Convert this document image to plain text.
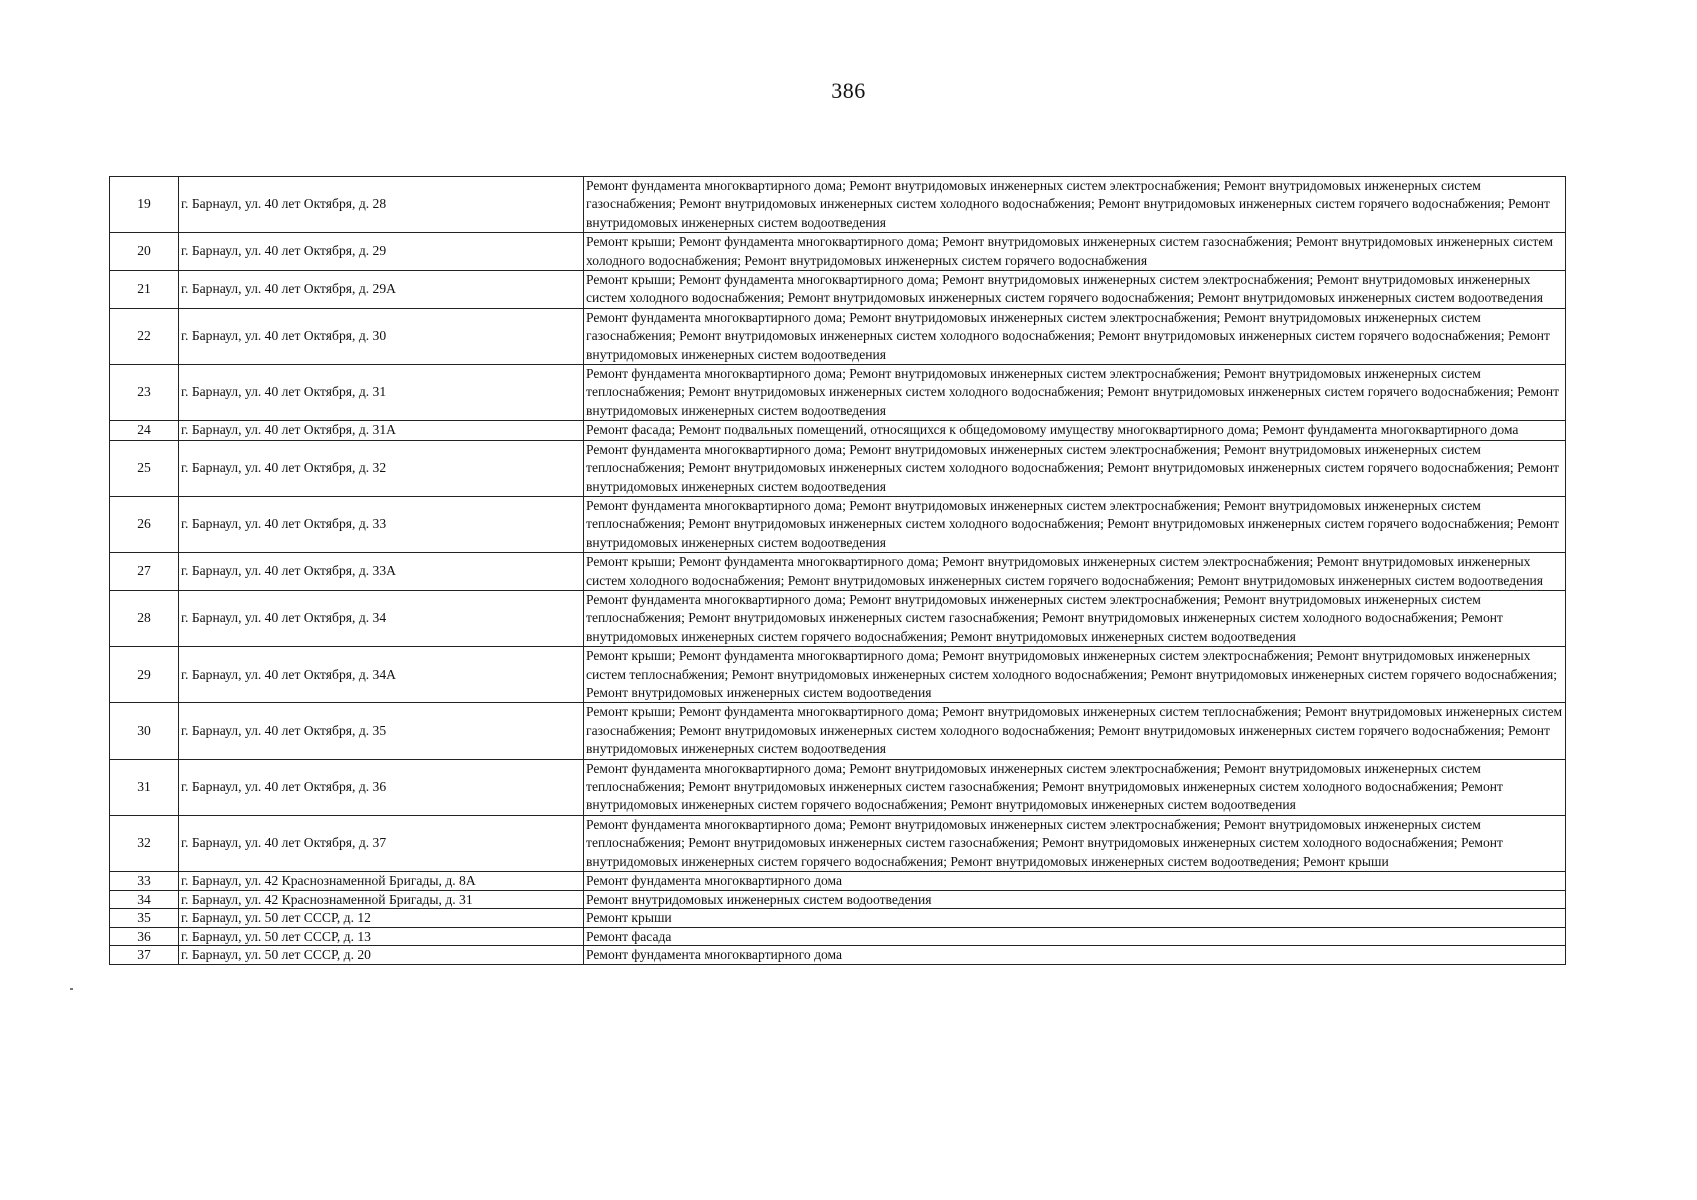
386
19	г. Барнаул, ул. 40 лет Октября, д. 28	Ремонт фундамента многоквартирного дома; Ремонт внутридомовых инженерных систем электроснабжения; Ремонт внутридомовых инженерных систем газоснабжения; Ремонт внутридомовых инженерных систем холодного водоснабжения; Ремонт внутридомовых инженерных систем горячего водоснабжения; Ремонт внутридомовых инженерных систем водоотведения
20	г. Барнаул, ул. 40 лет Октября, д. 29	Ремонт крыши; Ремонт фундамента многоквартирного дома; Ремонт внутридомовых инженерных систем газоснабжения; Ремонт внутридомовых инженерных систем холодного водоснабжения; Ремонт внутридомовых инженерных систем горячего водоснабжения
21	г. Барнаул, ул. 40 лет Октября, д. 29А	Ремонт крыши; Ремонт фундамента многоквартирного дома; Ремонт внутридомовых инженерных систем электроснабжения; Ремонт внутридомовых инженерных систем холодного водоснабжения; Ремонт внутридомовых инженерных систем горячего водоснабжения; Ремонт внутридомовых инженерных систем водоотведения
22	г. Барнаул, ул. 40 лет Октября, д. 30	Ремонт фундамента многоквартирного дома; Ремонт внутридомовых инженерных систем электроснабжения; Ремонт внутридомовых инженерных систем газоснабжения; Ремонт внутридомовых инженерных систем холодного водоснабжения; Ремонт внутридомовых инженерных систем горячего водоснабжения; Ремонт внутридомовых инженерных систем водоотведения
23	г. Барнаул, ул. 40 лет Октября, д. 31	Ремонт фундамента многоквартирного дома; Ремонт внутридомовых инженерных систем электроснабжения; Ремонт внутридомовых инженерных систем теплоснабжения; Ремонт внутридомовых инженерных систем холодного водоснабжения; Ремонт внутридомовых инженерных систем горячего водоснабжения; Ремонт внутридомовых инженерных систем водоотведения
24	г. Барнаул, ул. 40 лет Октября, д. 31А	Ремонт фасада; Ремонт подвальных помещений, относящихся к общедомовому имуществу многоквартирного дома; Ремонт фундамента многоквартирного дома
25	г. Барнаул, ул. 40 лет Октября, д. 32	Ремонт фундамента многоквартирного дома; Ремонт внутридомовых инженерных систем электроснабжения; Ремонт внутридомовых инженерных систем теплоснабжения; Ремонт внутридомовых инженерных систем холодного водоснабжения; Ремонт внутридомовых инженерных систем горячего водоснабжения; Ремонт внутридомовых инженерных систем водоотведения
26	г. Барнаул, ул. 40 лет Октября, д. 33	Ремонт фундамента многоквартирного дома; Ремонт внутридомовых инженерных систем электроснабжения; Ремонт внутридомовых инженерных систем теплоснабжения; Ремонт внутридомовых инженерных систем холодного водоснабжения; Ремонт внутридомовых инженерных систем горячего водоснабжения; Ремонт внутридомовых инженерных систем водоотведения
27	г. Барнаул, ул. 40 лет Октября, д. 33А	Ремонт крыши; Ремонт фундамента многоквартирного дома; Ремонт внутридомовых инженерных систем электроснабжения; Ремонт внутридомовых инженерных систем холодного водоснабжения; Ремонт внутридомовых инженерных систем горячего водоснабжения; Ремонт внутридомовых инженерных систем водоотведения
28	г. Барнаул, ул. 40 лет Октября, д. 34	Ремонт фундамента многоквартирного дома; Ремонт внутридомовых инженерных систем электроснабжения; Ремонт внутридомовых инженерных систем теплоснабжения; Ремонт внутридомовых инженерных систем газоснабжения; Ремонт внутридомовых инженерных систем холодного водоснабжения; Ремонт внутридомовых инженерных систем горячего водоснабжения; Ремонт внутридомовых инженерных систем водоотведения
29	г. Барнаул, ул. 40 лет Октября, д. 34А	Ремонт крыши; Ремонт фундамента многоквартирного дома; Ремонт внутридомовых инженерных систем электроснабжения; Ремонт внутридомовых инженерных систем теплоснабжения; Ремонт внутридомовых инженерных систем холодного водоснабжения; Ремонт внутридомовых инженерных систем горячего водоснабжения; Ремонт внутридомовых инженерных систем водоотведения
30	г. Барнаул, ул. 40 лет Октября, д. 35	Ремонт крыши; Ремонт фундамента многоквартирного дома; Ремонт внутридомовых инженерных систем теплоснабжения; Ремонт внутридомовых инженерных систем газоснабжения; Ремонт внутридомовых инженерных систем холодного водоснабжения; Ремонт внутридомовых инженерных систем горячего водоснабжения; Ремонт внутридомовых инженерных систем водоотведения
31	г. Барнаул, ул. 40 лет Октября, д. 36	Ремонт фундамента многоквартирного дома; Ремонт внутридомовых инженерных систем электроснабжения; Ремонт внутридомовых инженерных систем теплоснабжения; Ремонт внутридомовых инженерных систем газоснабжения; Ремонт внутридомовых инженерных систем холодного водоснабжения; Ремонт внутридомовых инженерных систем горячего водоснабжения; Ремонт внутридомовых инженерных систем водоотведения
32	г. Барнаул, ул. 40 лет Октября, д. 37	Ремонт фундамента многоквартирного дома; Ремонт внутридомовых инженерных систем электроснабжения; Ремонт внутридомовых инженерных систем теплоснабжения; Ремонт внутридомовых инженерных систем газоснабжения; Ремонт внутридомовых инженерных систем холодного водоснабжения; Ремонт внутридомовых инженерных систем горячего водоснабжения; Ремонт внутридомовых инженерных систем водоотведения; Ремонт крыши
33	г. Барнаул, ул. 42 Краснознаменной Бригады, д. 8А	Ремонт фундамента многоквартирного дома
34	г. Барнаул, ул. 42 Краснознаменной Бригады, д. 31	Ремонт внутридомовых инженерных систем водоотведения
35	г. Барнаул, ул. 50 лет СССР, д. 12	Ремонт крыши
36	г. Барнаул, ул. 50 лет СССР, д. 13	Ремонт фасада
37	г. Барнаул, ул. 50 лет СССР, д. 20	Ремонт фундамента многоквартирного дома
